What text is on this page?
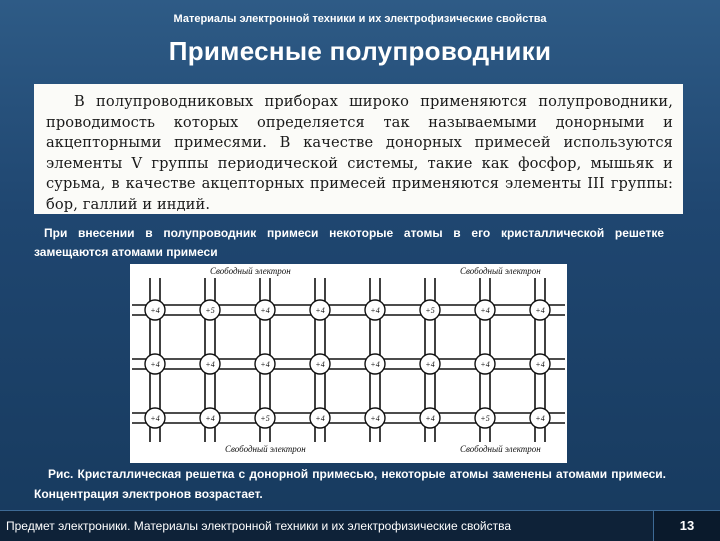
Материалы электронной техники и их электрофизические свойства
Примесные полупроводники

В полупроводниковых приборах широко применяются полупроводники, проводимость которых определяется так называемыми донорными и акцепторными примесями. В качестве донорных примесей используются элементы V группы периодической системы, такие как фосфор, мышьяк и сурьма, в качестве акцепторных примесей применяются элементы III группы: бор, галлий и индий.

При внесении в полупроводник примеси некоторые атомы в его кристаллической решетке замещаются атомами примеси

+4	+5	+4	+4	+4	+5	+4	+4
+4	+4	+4	+4	+4	+4	+4	+4
+4	+4	+5	+4	+4	+4	+5	+4
Свободный электрон	Свободный электрон
Свободный электрон	Свободный электрон

Рис. Кристаллическая решетка с донорной примесью, некоторые атомы заменены атомами примеси. Концентрация электронов возрастает.

Предмет электроники. Материалы электронной техники и их электрофизические свойства	13
